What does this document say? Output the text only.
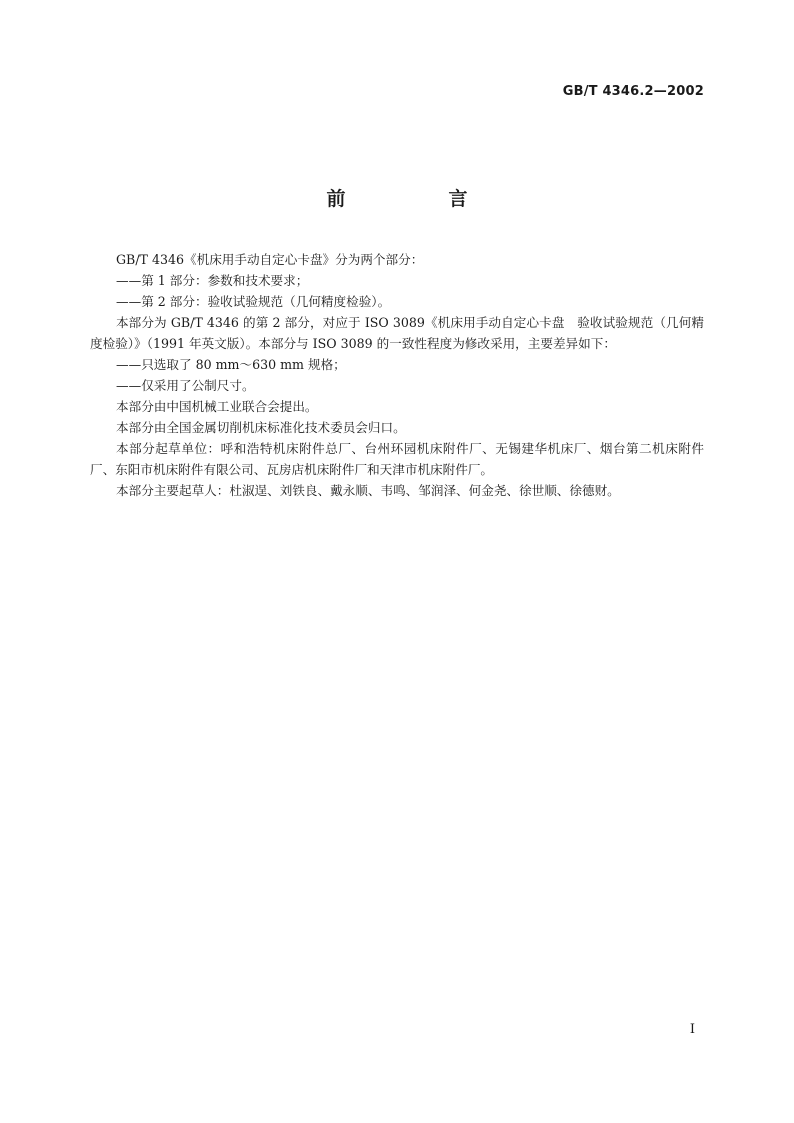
GB/T 4346.2—2002
前　言

GB/T 4346《机床用手动自定心卡盘》分为两个部分：

——第 1 部分：参数和技术要求；

——第 2 部分：验收试验规范（几何精度检验）。

本部分为 GB/T 4346 的第 2 部分，对应于 ISO 3089《机床用手动自定心卡盘　验收试验规范（几何精度检验）》（1991 年英文版）。本部分与 ISO 3089 的一致性程度为修改采用，主要差异如下：

——只选取了 80 mm～630 mm 规格；

——仅采用了公制尺寸。

本部分由中国机械工业联合会提出。

本部分由全国金属切削机床标准化技术委员会归口。

本部分起草单位：呼和浩特机床附件总厂、台州环园机床附件厂、无锡建华机床厂、烟台第二机床附件厂、东阳市机床附件有限公司、瓦房店机床附件厂和天津市机床附件厂。

本部分主要起草人：杜淑逞、刘铁良、戴永顺、韦鸣、邹润泽、何金尧、徐世顺、徐德财。

I
